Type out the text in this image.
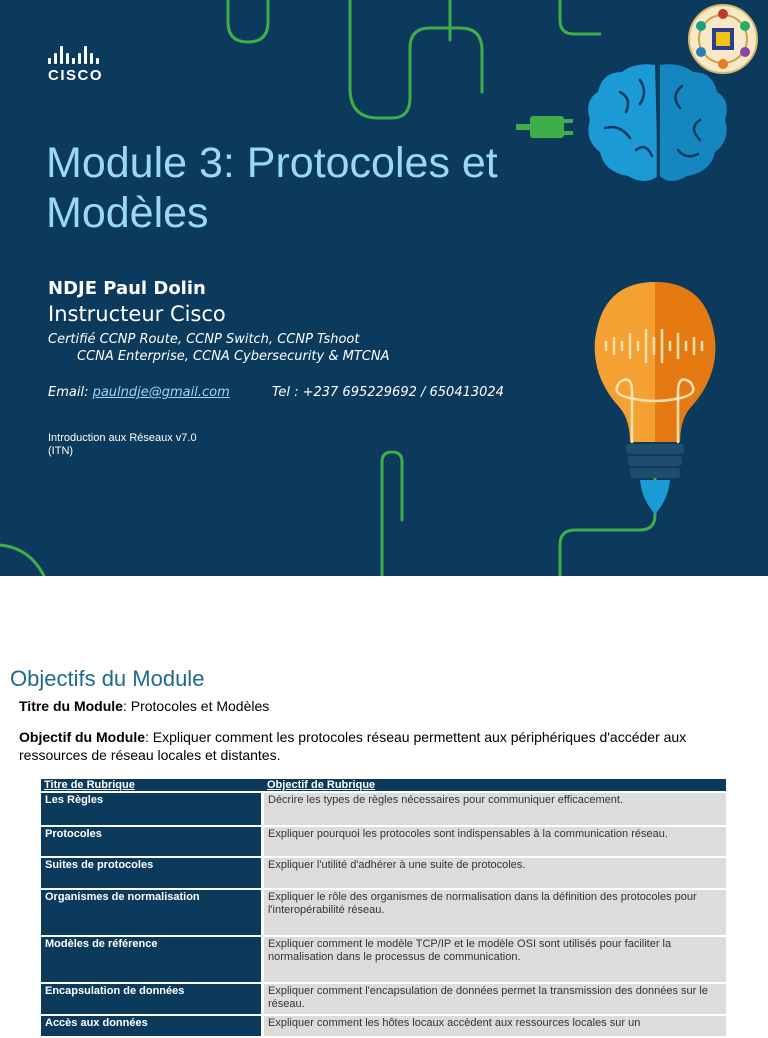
CISCO
Module 3: Protocoles et Modèles
NDJE Paul Dolin
Instructeur Cisco
Certifié CCNP Route, CCNP Switch, CCNP Tshoot
CCNA Enterprise, CCNA Cybersecurity & MTCNA
Email: paulndje@gmail.com	Tel : +237 695229692 / 650413024
Introduction aux Réseaux v7.0
(ITN)
Objectifs du Module
Titre du Module: Protocoles et Modèles
Objectif du Module: Expliquer comment les protocoles réseau permettent aux périphériques d'accéder aux ressources de réseau locales et distantes.
Titre de Rubrique	Objectif de Rubrique
Les Règles	Décrire les types de règles nécessaires pour communiquer efficacement.
Protocoles	Expliquer pourquoi les protocoles sont indispensables à la communication réseau.
Suites de protocoles	Expliquer l'utilité d'adhérer à une suite de protocoles.
Organismes de normalisation	Expliquer le rôle des organismes de normalisation dans la définition des protocoles pour l'interopérabilité réseau.
Modèles de référence	Expliquer comment le modèle TCP/IP et le modèle OSI sont utilisés pour faciliter la normalisation dans le processus de communication.
Encapsulation de données	Expliquer comment l'encapsulation de données permet la transmission des données sur le réseau.
Accès aux données	Expliquer comment les hôtes locaux accèdent aux ressources locales sur un
